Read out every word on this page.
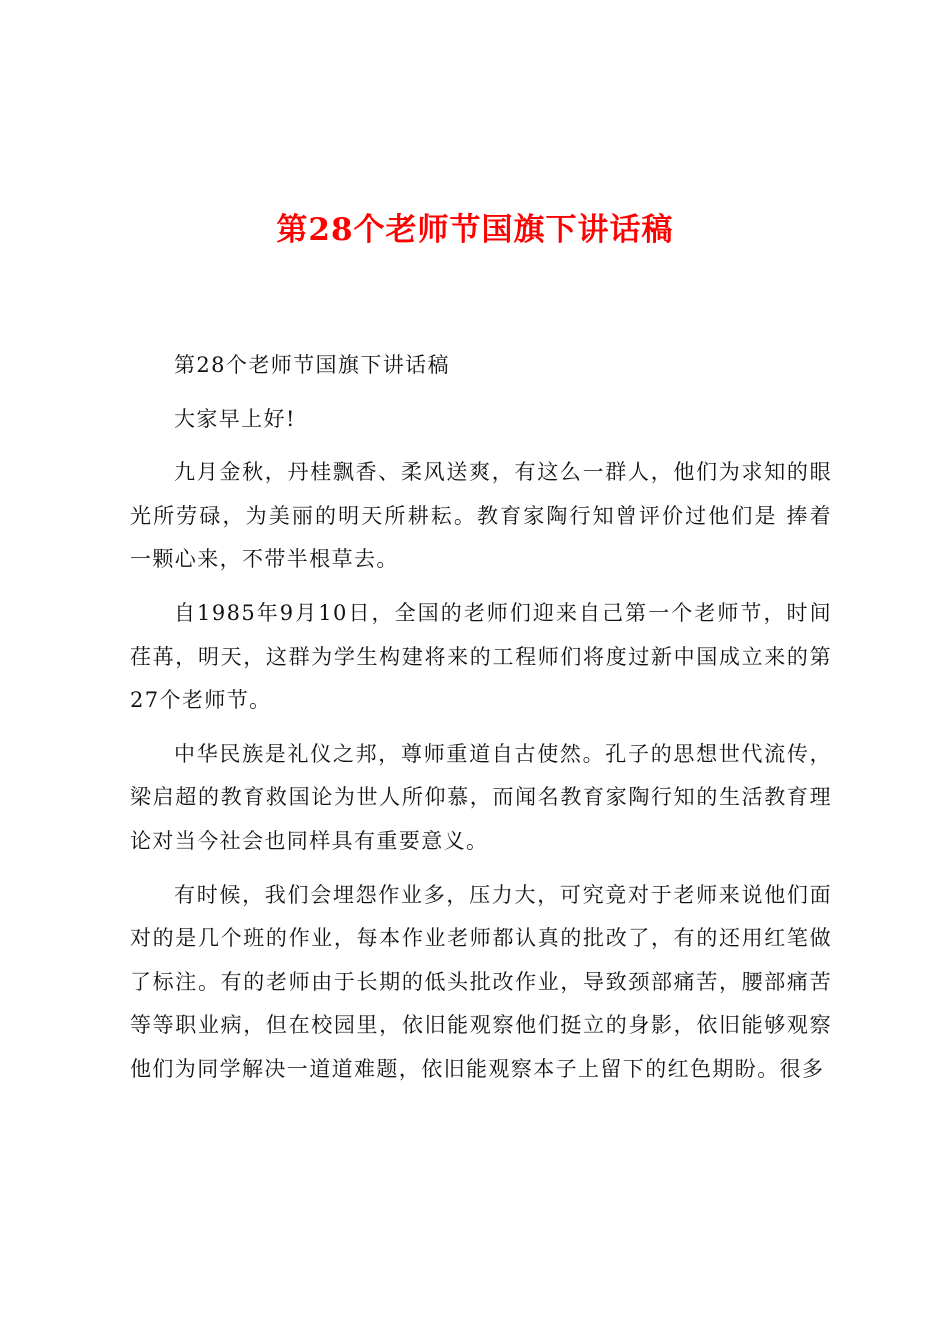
第28个老师节国旗下讲话稿

第28个老师节国旗下讲话稿

大家早上好!

九月金秋，丹桂飘香、柔风送爽，有这么一群人，他们为求知的眼光所劳碌，为美丽的明天所耕耘。教育家陶行知曾评价过他们是 捧着一颗心来，不带半根草去。

自1985年9月10日，全国的老师们迎来自己第一个老师节，时间荏苒，明天，这群为学生构建将来的工程师们将度过新中国成立来的第27个老师节。

中华民族是礼仪之邦，尊师重道自古使然。孔子的思想世代流传，梁启超的教育救国论为世人所仰慕，而闻名教育家陶行知的生活教育理论对当今社会也同样具有重要意义。

有时候，我们会埋怨作业多，压力大，可究竟对于老师来说他们面对的是几个班的作业，每本作业老师都认真的批改了，有的还用红笔做了标注。有的老师由于长期的低头批改作业，导致颈部痛苦，腰部痛苦等等职业病，但在校园里，依旧能观察他们挺立的身影，依旧能够观察他们为同学解决一道道难题，依旧能观察本子上留下的红色期盼。很多
